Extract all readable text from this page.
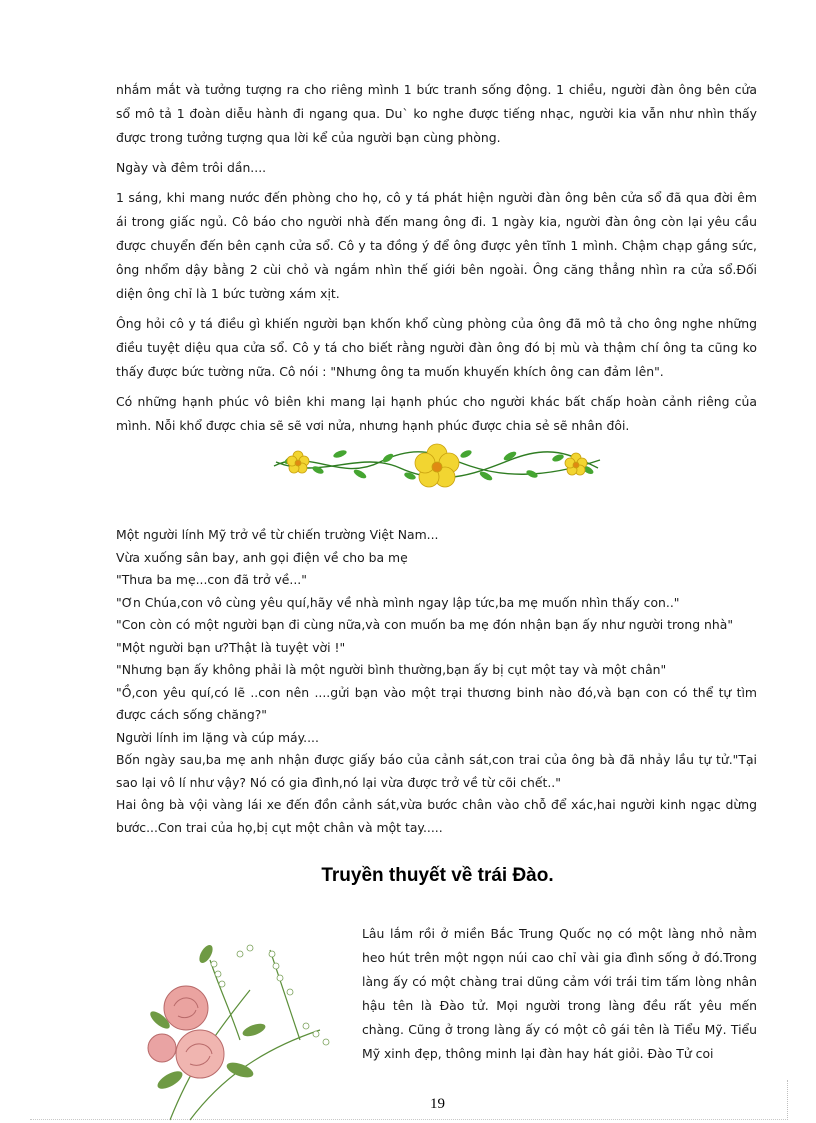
nhắm mắt và tưởng tượng ra cho riêng mình 1 bức tranh sống động. 1 chiều, người đàn ông bên cửa sổ mô tả 1 đoàn diễu hành đi ngang qua. Du` ko nghe được tiếng nhạc, người kia vẫn như nhìn thấy được trong tưởng tượng qua lời kể của người bạn cùng phòng.

Ngày và đêm trôi dần....

1 sáng, khi mang nước đến phòng cho họ, cô y tá phát hiện người đàn ông bên cửa sổ đã qua đời êm ái trong giấc ngủ. Cô báo cho người nhà đến mang ông đi. 1 ngày kia, người đàn ông còn lại yêu cầu được chuyển đến bên cạnh cửa sổ. Cô y ta đồng ý để ông được yên tĩnh 1 mình. Chậm chạp gắng sức, ông nhổm dậy bằng 2 cùi chỏ và ngắm nhìn thế giới bên ngoài. Ông căng thẳng nhìn ra cửa sổ.Đối diện ông chỉ là 1 bức tường xám xịt.

Ông hỏi cô y tá điều gì khiến người bạn khốn khổ cùng phòng của ông đã mô tả cho ông nghe những điều tuyệt diệu qua cửa sổ. Cô y tá cho biết rằng người đàn ông đó bị mù và thậm chí ông ta cũng ko thấy được bức tường nữa. Cô nói : "Nhưng ông ta muốn khuyến khích ông can đảm lên".

Có những hạnh phúc vô biên khi mang lại hạnh phúc cho người khác bất chấp hoàn cảnh riêng của mình. Nỗi khổ được chia sẽ sẽ vơi nửa, nhưng hạnh phúc được chia sẻ sẽ nhân đôi.

Một người lính Mỹ trở về từ chiến trường Việt Nam...

Vừa xuống sân bay, anh gọi điện về cho ba mẹ

"Thưa ba mẹ...con đã trở về..."

"Ơn Chúa,con vô cùng yêu quí,hãy về nhà mình ngay lập tức,ba mẹ muốn nhìn thấy con.."

"Con còn có một người bạn đi cùng nữa,và con muốn ba mẹ đón nhận bạn ấy như người trong nhà"

"Một người bạn ư?Thật là tuyệt vời !"

"Nhưng bạn ấy không phải là một người bình thường,bạn ấy bị cụt một tay và một chân"

"Ồ,con yêu quí,có lẽ ..con nên ....gửi bạn vào một trại thương binh nào đó,và bạn con có thể tự tìm được cách sống chăng?"

Người lính im lặng và cúp máy....

Bốn ngày sau,ba mẹ anh nhận được giấy báo của cảnh sát,con trai của ông bà đã nhảy lầu tự tử."Tại sao lại vô lí như vậy? Nó có gia đình,nó lại vừa được trở về từ cõi chết.."

Hai ông bà vội vàng lái xe đến đồn cảnh sát,vừa bước chân vào chỗ để xác,hai người kinh ngạc dừng bước...Con trai của họ,bị cụt một chân và một tay.....

Truyền thuyết về trái Đào.
Lâu lắm rồi ở miền Bắc Trung Quốc nọ có một làng nhỏ nằm heo hút trên một ngọn núi cao chỉ vài gia đình sống ở đó.Trong làng ấy có một chàng trai dũng cảm với trái tim tấm lòng nhân hậu tên là Đào tử. Mọi người trong làng đều rất yêu mến chàng. Cũng ở trong làng ấy có một cô gái tên là Tiểu Mỹ. Tiểu Mỹ xinh đẹp, thông minh lại đàn hay hát giỏi. Đào Tử coi
19
